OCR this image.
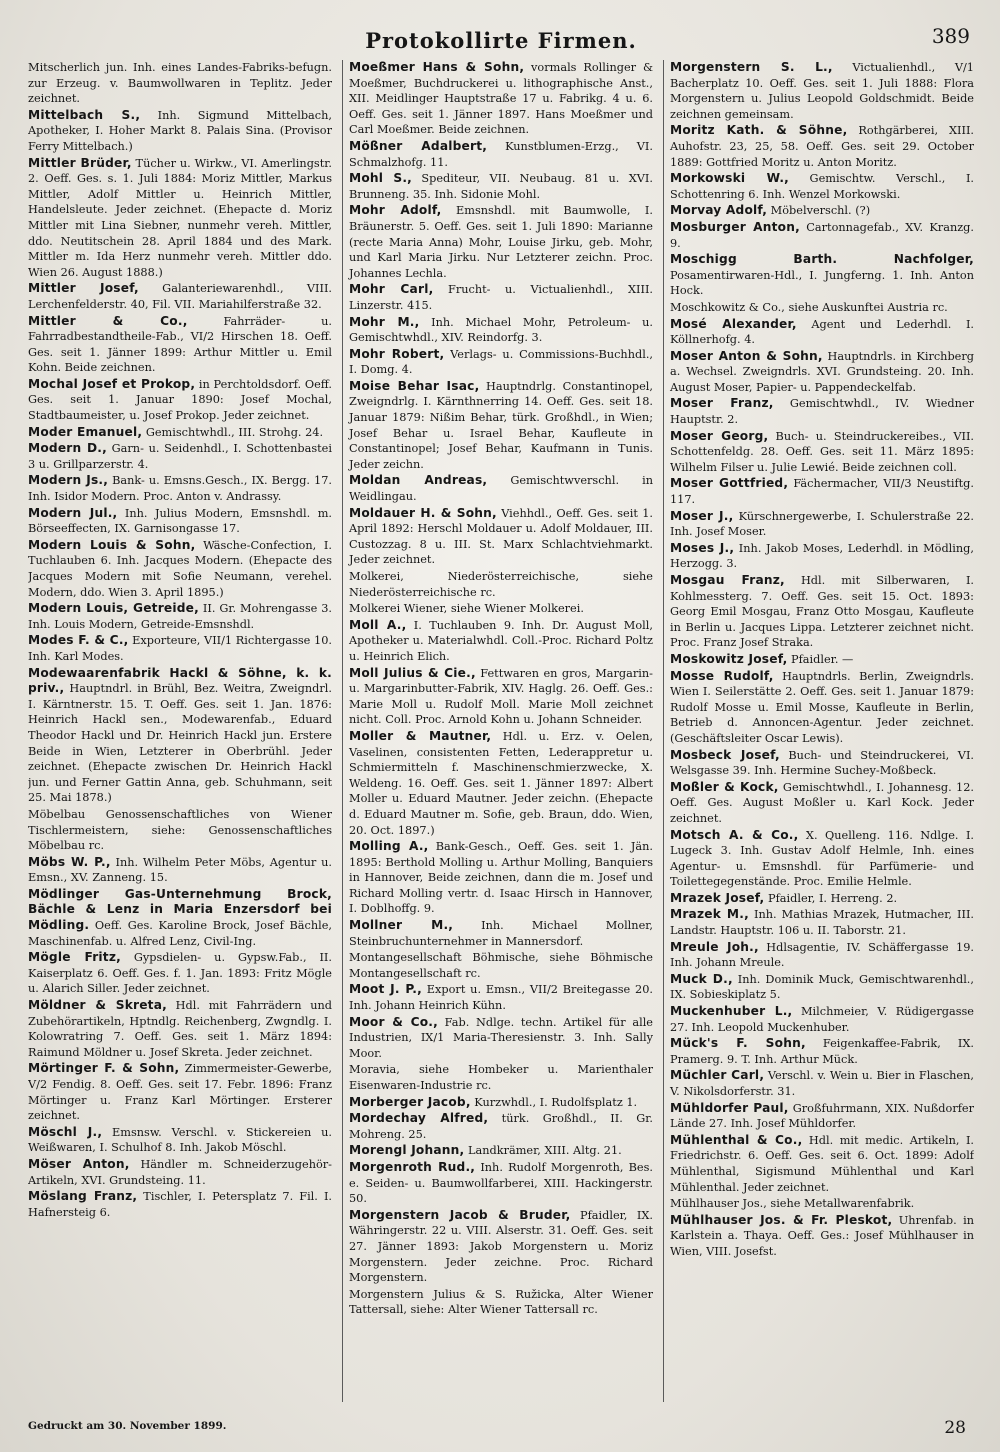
Protokollirte Firmen.	389

Mitscherlich jun. Inh. eines Landes-Fabriks-befugn. zur Erzeug. v. Baumwollwaren in Teplitz. Jeder zeichnet.

Mittelbach S., Inh. Sigmund Mittelbach, Apotheker, I. Hoher Markt 8. Palais Sina. (Provisor Ferry Mittelbach.)

Mittler Brüder, Tücher u. Wirkw., VI. Amerlingstr. 2. Oeff. Ges. s. 1. Juli 1884: Moriz Mittler, Markus Mittler, Adolf Mittler u. Heinrich Mittler, Handelsleute. Jeder zeichnet. (Ehepacte d. Moriz Mittler mit Lina Siebner, nunmehr vereh. Mittler, ddo. Neutitschein 28. April 1884 und des Mark. Mittler m. Ida Herz nunmehr vereh. Mittler ddo. Wien 26. August 1888.)

Mittler Josef, Galanteriewarenhdl., VIII. Lerchenfelderstr. 40, Fil. VII. Mariahilferstraße 32.

Mittler & Co., Fahrräder- u. Fahrradbestandtheile-Fab., VI/2 Hirschen 18. Oeff. Ges. seit 1. Jänner 1899: Arthur Mittler u. Emil Kohn. Beide zeichnen.

Mochal Josef et Prokop, in Perchtoldsdorf. Oeff. Ges. seit 1. Januar 1890: Josef Mochal, Stadtbaumeister, u. Josef Prokop. Jeder zeichnet.

Moder Emanuel, Gemischtwhdl., III. Strohg. 24.

Modern D., Garn- u. Seidenhdl., I. Schottenbastei 3 u. Grillparzerstr. 4.

Modern Js., Bank- u. Emsns.Gesch., IX. Bergg. 17. Inh. Isidor Modern. Proc. Anton v. Andrassy.

Modern Jul., Inh. Julius Modern, Emsnshdl. m. Börseeffecten, IX. Garnisongasse 17.

Modern Louis & Sohn, Wäsche-Confection, I. Tuchlauben 6. Inh. Jacques Modern. (Ehepacte des Jacques Modern mit Sofie Neumann, verehel. Modern, ddo. Wien 3. April 1895.)

Modern Louis, Getreide, II. Gr. Mohrengasse 3. Inh. Louis Modern, Getreide-Emsnshdl.

Modes F. & C., Exporteure, VII/1 Richtergasse 10. Inh. Karl Modes.

Modewaarenfabrik Hackl & Söhne, k. k. priv., Hauptndrl. in Brühl, Bez. Weitra, Zweigndrl. I. Kärntnerstr. 15. T. Oeff. Ges. seit 1. Jan. 1876: Heinrich Hackl sen., Modewarenfab., Eduard Theodor Hackl und Dr. Heinrich Hackl jun. Erstere Beide in Wien, Letzterer in Oberbrühl. Jeder zeichnet. (Ehepacte zwischen Dr. Heinrich Hackl jun. und Ferner Gattin Anna, geb. Schuhmann, seit 25. Mai 1878.)

Möbelbau Genossenschaftliches von Wiener Tischlermeistern, siehe: Genossenschaftliches Möbelbau rc.

Möbs W. P., Inh. Wilhelm Peter Möbs, Agentur u. Emsn., XV. Zanneng. 15.

Mödlinger Gas-Unternehmung Brock, Bächle & Lenz in Maria Enzersdorf bei Mödling. Oeff. Ges. Karoline Brock, Josef Bächle, Maschinenfab. u. Alfred Lenz, Civil-Ing.

Mögle Fritz, Gypsdielen- u. Gypsw.Fab., II. Kaiserplatz 6. Oeff. Ges. f. 1. Jan. 1893: Fritz Mögle u. Alarich Siller. Jeder zeichnet.

Möldner & Skreta, Hdl. mit Fahrrädern und Zubehörartikeln, Hptndlg. Reichenberg, Zwgndlg. I. Kolowratring 7. Oeff. Ges. seit 1. März 1894: Raimund Möldner u. Josef Skreta. Jeder zeichnet.

Mörtinger F. & Sohn, Zimmermeister-Gewerbe, V/2 Fendig. 8. Oeff. Ges. seit 17. Febr. 1896: Franz Mörtinger u. Franz Karl Mörtinger. Ersterer zeichnet.

Möschl J., Emsnsw. Verschl. v. Stickereien u. Weißwaren, I. Schulhof 8. Inh. Jakob Möschl.

Möser Anton, Händler m. Schneiderzugehör-Artikeln, XVI. Grundsteing. 11.

Möslang Franz, Tischler, I. Petersplatz 7. Fil. I. Hafnersteig 6.

Moeßmer Hans & Sohn, vormals Rollinger & Moeßmer, Buchdruckerei u. lithographische Anst., XII. Meidlinger Hauptstraße 17 u. Fabrikg. 4 u. 6. Oeff. Ges. seit 1. Jänner 1897. Hans Moeßmer und Carl Moeßmer. Beide zeichnen.

Mößner Adalbert, Kunstblumen-Erzg., VI. Schmalzhofg. 11.

Mohl S., Spediteur, VII. Neubaug. 81 u. XVI. Brunneng. 35. Inh. Sidonie Mohl.

Mohr Adolf, Emsnshdl. mit Baumwolle, I. Bräunerstr. 5. Oeff. Ges. seit 1. Juli 1890: Marianne (recte Maria Anna) Mohr, Louise Jirku, geb. Mohr, und Karl Maria Jirku. Nur Letzterer zeichn. Proc. Johannes Lechla.

Mohr Carl, Frucht- u. Victualienhdl., XIII. Linzerstr. 415.

Mohr M., Inh. Michael Mohr, Petroleum- u. Gemischtwhdl., XIV. Reindorfg. 3.

Mohr Robert, Verlags- u. Commissions-Buchhdl., I. Domg. 4.

Moise Behar Isac, Hauptndrlg. Constantinopel, Zweigndrlg. I. Kärnthnerring 14. Oeff. Ges. seit 18. Januar 1879: Nißim Behar, türk. Großhdl., in Wien; Josef Behar u. Israel Behar, Kaufleute in Constantinopel; Josef Behar, Kaufmann in Tunis. Jeder zeichn.

Moldan Andreas, Gemischtwverschl. in Weidlingau.

Moldauer H. & Sohn, Viehhdl., Oeff. Ges. seit 1. April 1892: Herschl Moldauer u. Adolf Moldauer, III. Custozzag. 8 u. III. St. Marx Schlachtviehmarkt. Jeder zeichnet.

Molkerei, Niederösterreichische, siehe Niederösterreichische rc.

Molkerei Wiener, siehe Wiener Molkerei.

Moll A., I. Tuchlauben 9. Inh. Dr. August Moll, Apotheker u. Materialwhdl. Coll.-Proc. Richard Poltz u. Heinrich Elich.

Moll Julius & Cie., Fettwaren en gros, Margarin- u. Margarinbutter-Fabrik, XIV. Haglg. 26. Oeff. Ges.: Marie Moll u. Rudolf Moll. Marie Moll zeichnet nicht. Coll. Proc. Arnold Kohn u. Johann Schneider.

Moller & Mautner, Hdl. u. Erz. v. Oelen, Vaselinen, consistenten Fetten, Lederappretur u. Schmiermitteln f. Maschinenschmierzwecke, X. Weldeng. 16. Oeff. Ges. seit 1. Jänner 1897: Albert Moller u. Eduard Mautner. Jeder zeichn. (Ehepacte d. Eduard Mautner m. Sofie, geb. Braun, ddo. Wien, 20. Oct. 1897.)

Molling A., Bank-Gesch., Oeff. Ges. seit 1. Jän. 1895: Berthold Molling u. Arthur Molling, Banquiers in Hannover, Beide zeichnen, dann die m. Josef und Richard Molling vertr. d. Isaac Hirsch in Hannover, I. Doblhoffg. 9.

Mollner M., Inh. Michael Mollner, Steinbruchunternehmer in Mannersdorf.

Montangesellschaft Böhmische, siehe Böhmische Montangesellschaft rc.

Moot J. P., Export u. Emsn., VII/2 Breitegasse 20. Inh. Johann Heinrich Kühn.

Moor & Co., Fab. Ndlge. techn. Artikel für alle Industrien, IX/1 Maria-Theresienstr. 3. Inh. Sally Moor.

Moravia, siehe Hombeker u. Marienthaler Eisenwaren-Industrie rc.

Morberger Jacob, Kurzwhdl., I. Rudolfsplatz 1.

Mordechay Alfred, türk. Großhdl., II. Gr. Mohreng. 25.

Morengl Johann, Landkrämer, XIII. Altg. 21.

Morgenroth Rud., Inh. Rudolf Morgenroth, Bes. e. Seiden- u. Baumwollfarberei, XIII. Hackingerstr. 50.

Morgenstern Jacob & Bruder, Pfaidler, IX. Währingerstr. 22 u. VIII. Alserstr. 31. Oeff. Ges. seit 27. Jänner 1893: Jakob Morgenstern u. Moriz Morgenstern. Jeder zeichne. Proc. Richard Morgenstern.

Morgenstern Julius & S. Ružicka, Alter Wiener Tattersall, siehe: Alter Wiener Tattersall rc.

Morgenstern S. L., Victualienhdl., V/1 Bacherplatz 10. Oeff. Ges. seit 1. Juli 1888: Flora Morgenstern u. Julius Leopold Goldschmidt. Beide zeichnen gemeinsam.

Moritz Kath. & Söhne, Rothgärberei, XIII. Auhofstr. 23, 25, 58. Oeff. Ges. seit 29. October 1889: Gottfried Moritz u. Anton Moritz.

Morkowski W., Gemischtw. Verschl., I. Schottenring 6. Inh. Wenzel Morkowski.

Morvay Adolf, Möbelverschl. (?)

Mosburger Anton, Cartonnagefab., XV. Kranzg. 9.

Moschigg Barth. Nachfolger, Posamentirwaren-Hdl., I. Jungferng. 1. Inh. Anton Hock.

Moschkowitz & Co., siehe Auskunftei Austria rc.

Mosé Alexander, Agent und Lederhdl. I. Köllnerhofg. 4.

Moser Anton & Sohn, Hauptndrls. in Kirchberg a. Wechsel. Zweigndrls. XVI. Grundsteing. 20. Inh. August Moser, Papier- u. Pappendeckelfab.

Moser Franz, Gemischtwhdl., IV. Wiedner Hauptstr. 2.

Moser Georg, Buch- u. Steindruckereibes., VII. Schottenfeldg. 28. Oeff. Ges. seit 11. März 1895: Wilhelm Filser u. Julie Lewié. Beide zeichnen coll.

Moser Gottfried, Fächermacher, VII/3 Neustiftg. 117.

Moser J., Kürschnergewerbe, I. Schulerstraße 22. Inh. Josef Moser.

Moses J., Inh. Jakob Moses, Lederhdl. in Mödling, Herzogg. 3.

Mosgau Franz, Hdl. mit Silberwaren, I. Kohlmessterg. 7. Oeff. Ges. seit 15. Oct. 1893: Georg Emil Mosgau, Franz Otto Mosgau, Kaufleute in Berlin u. Jacques Lippa. Letzterer zeichnet nicht. Proc. Franz Josef Straka.

Moskowitz Josef, Pfaidler. —

Mosse Rudolf, Hauptndrls. Berlin, Zweigndrls. Wien I. Seilerstätte 2. Oeff. Ges. seit 1. Januar 1879: Rudolf Mosse u. Emil Mosse, Kaufleute in Berlin, Betrieb d. Annoncen-Agentur. Jeder zeichnet. (Geschäftsleiter Oscar Lewis).

Mosbeck Josef, Buch- und Steindruckerei, VI. Welsgasse 39. Inh. Hermine Suchey-Moßbeck.

Moßler & Kock, Gemischtwhdl., I. Johannesg. 12. Oeff. Ges. August Moßler u. Karl Kock. Jeder zeichnet.

Motsch A. & Co., X. Quelleng. 116. Ndlge. I. Lugeck 3. Inh. Gustav Adolf Helmle, Inh. eines Agentur- u. Emsnshdl. für Parfümerie- und Toilettegegenstände. Proc. Emilie Helmle.

Mrazek Josef, Pfaidler, I. Herreng. 2.

Mrazek M., Inh. Mathias Mrazek, Hutmacher, III. Landstr. Hauptstr. 106 u. II. Taborstr. 21.

Mreule Joh., Hdlsagentie, IV. Schäffergasse 19. Inh. Johann Mreule.

Muck D., Inh. Dominik Muck, Gemischtwarenhdl., IX. Sobieskiplatz 5.

Muckenhuber L., Milchmeier, V. Rüdigergasse 27. Inh. Leopold Muckenhuber.

Mück's F. Sohn, Feigenkaffee-Fabrik, IX. Pramerg. 9. T. Inh. Arthur Mück.

Müchler Carl, Verschl. v. Wein u. Bier in Flaschen, V. Nikolsdorferstr. 31.

Mühldorfer Paul, Großfuhrmann, XIX. Nußdorfer Lände 27. Inh. Josef Mühldorfer.

Mühlenthal & Co., Hdl. mit medic. Artikeln, I. Friedrichstr. 6. Oeff. Ges. seit 6. Oct. 1899: Adolf Mühlenthal, Sigismund Mühlenthal und Karl Mühlenthal. Jeder zeichnet.

Mühlhauser Jos., siehe Metallwarenfabrik.

Mühlhauser Jos. & Fr. Pleskot, Uhrenfab. in Karlstein a. Thaya. Oeff. Ges.: Josef Mühlhauser in Wien, VIII. Josefst.

Gedruckt am 30. November 1899.	28
